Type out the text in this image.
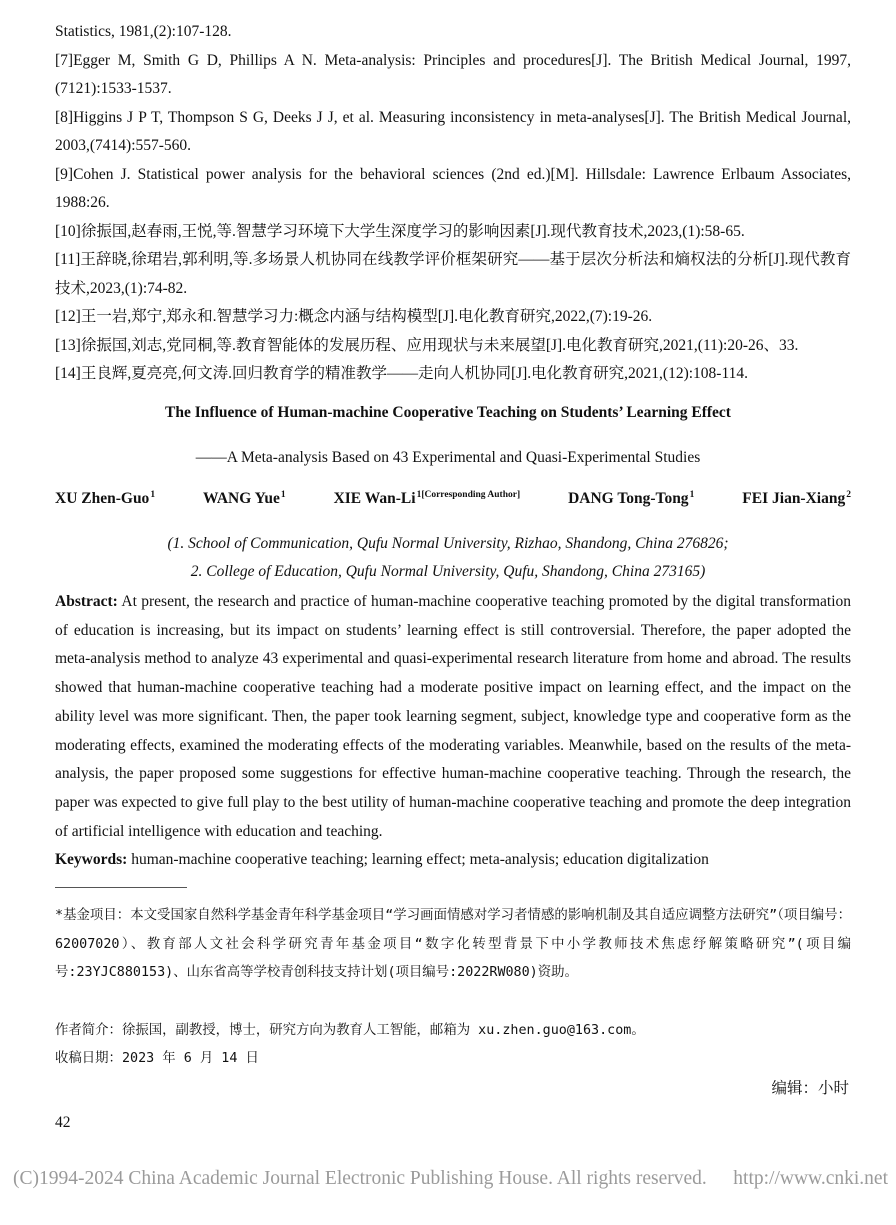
Statistics, 1981,(2):107-128.

[7]Egger M, Smith G D, Phillips A N. Meta-analysis: Principles and procedures[J]. The British Medical Journal, 1997,(7121):1533-1537.

[8]Higgins J P T, Thompson S G, Deeks J J, et al. Measuring inconsistency in meta-analyses[J]. The British Medical Journal, 2003,(7414):557-560.

[9]Cohen J. Statistical power analysis for the behavioral sciences (2nd ed.)[M]. Hillsdale: Lawrence Erlbaum Associates, 1988:26.

[10]徐振国,赵春雨,王悦,等.智慧学习环境下大学生深度学习的影响因素[J].现代教育技术,2023,(1):58-65.

[11]王辞晓,徐珺岩,郭利明,等.多场景人机协同在线教学评价框架研究——基于层次分析法和熵权法的分析[J].现代教育技术,2023,(1):74-82.

[12]王一岩,郑宁,郑永和.智慧学习力:概念内涵与结构模型[J].电化教育研究,2022,(7):19-26.

[13]徐振国,刘志,党同桐,等.教育智能体的发展历程、应用现状与未来展望[J].电化教育研究,2021,(11):20-26、33.

[14]王良辉,夏亮亮,何文涛.回归教育学的精准教学——走向人机协同[J].电化教育研究,2021,(12):108-114.

The Influence of Human-machine Cooperative Teaching on Students’ Learning Effect
——A Meta-analysis Based on 43 Experimental and Quasi-Experimental Studies
XU Zhen-Guo$^1$	WANG Yue$^1$	XIE Wan-$Li^{1[Corresponding Author]}$	DANG Tong-Tong$^1$	FEI Jian-Xiang$^2$
(1. School of Communication, Qufu Normal University, Rizhao, Shandong, China 276826;
2. College of Education, Qufu Normal University, Qufu, Shandong, China 273165)

Abstract: At present, the research and practice of human-machine cooperative teaching promoted by the digital transformation of education is increasing, but its impact on students’ learning effect is still controversial. Therefore, the paper adopted the meta-analysis method to analyze 43 experimental and quasi-experimental research literature from home and abroad. The results showed that human-machine cooperative teaching had a moderate positive impact on learning effect, and the impact on the ability level was more significant. Then, the paper took learning segment, subject, knowledge type and cooperative form as the moderating effects, examined the moderating effects of the moderating variables. Meanwhile, based on the results of the meta-analysis, the paper proposed some suggestions for effective human-machine cooperative teaching. Through the research, the paper was expected to give full play to the best utility of human-machine cooperative teaching and promote the deep integration of artificial intelligence with education and teaching.

Keywords: human-machine cooperative teaching; learning effect; meta-analysis; education digitalization

*基金项目：本文受国家自然科学基金青年科学基金项目“学习画面情感对学习者情感的影响机制及其自适应调整方法研究”（项目编号：62007020）、教育部人文社会科学研究青年基金项目“数字化转型背景下中小学教师技术焦虑纾解策略研究”(项目编号:23YJC880153)、山东省高等学校青创科技支持计划(项目编号:2022RW080)资助。

作者简介：徐振国，副教授，博士，研究方向为教育人工智能，邮箱为 xu.zhen.guo@163.com。

收稿日期：2023 年 6 月 14 日

编辑：小时
42
(C)1994-2024 China Academic Journal Electronic Publishing House. All rights reserved. http://www.cnki.net
